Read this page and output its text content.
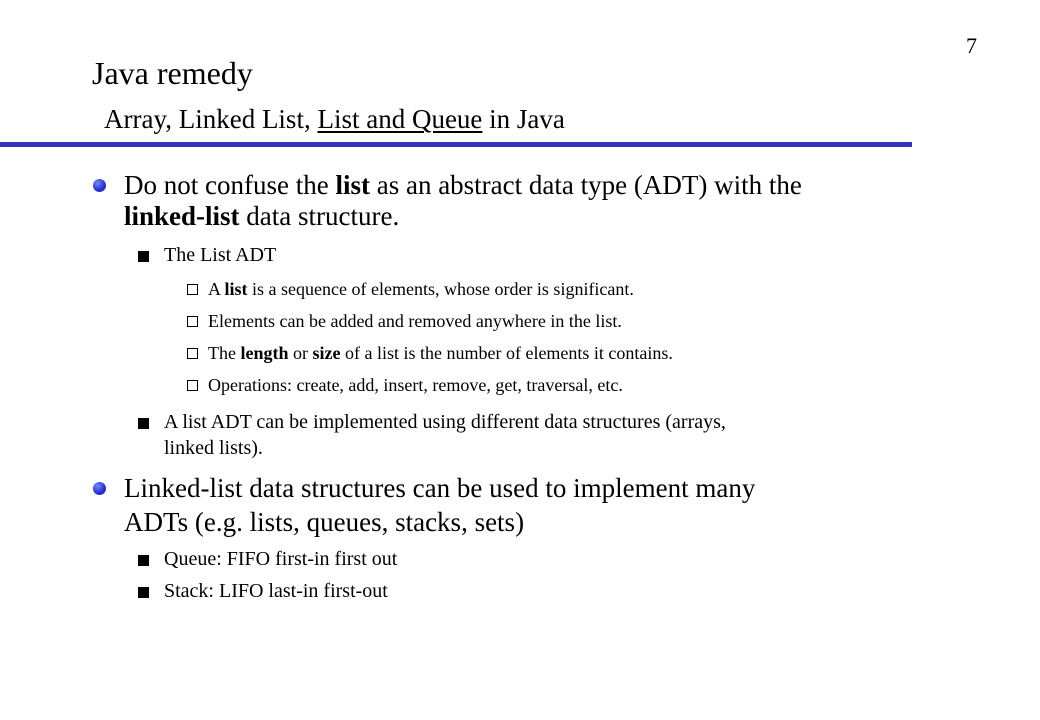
7
Java remedy
Array, Linked List, List and Queue in Java
Do not confuse the list as an abstract data type (ADT) with the
linked-list data structure.
The List ADT
A list is a sequence of elements, whose order is significant.
Elements can be added and removed anywhere in the list.
The length or size of a list is the number of elements it contains.
Operations: create, add, insert, remove, get, traversal, etc.
A list ADT can be implemented using different data structures (arrays,
linked lists).
Linked-list data structures can be used to implement many
ADTs (e.g. lists, queues, stacks, sets)
Queue: FIFO first-in first out
Stack: LIFO last-in first-out
